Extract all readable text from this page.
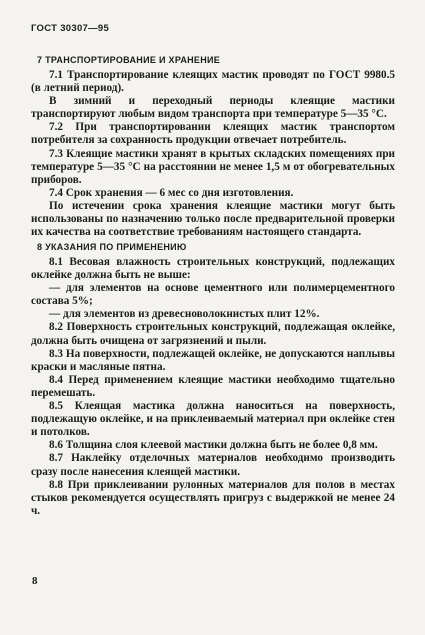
ГОСТ 30307—95
7 ТРАНСПОРТИРОВАНИЕ И ХРАНЕНИЕ

7.1 Транспортирование клеящих мастик проводят по ГОСТ 9980.5 (в летний период).

В зимний и переходный периоды клеящие мастики транспортируют любым видом транспорта при температуре 5—35 °С.

7.2 При транспортировании клеящих мастик транспортом потребителя за сохранность продукции отвечает потребитель.

7.3 Клеящие мастики хранят в крытых складских помещениях при температуре 5—35 °С на расстоянии не менее 1,5 м от обогревательных приборов.

7.4 Срок хранения — 6 мес со дня изготовления.

По истечении срока хранения клеящие мастики могут быть использованы по назначению только после предварительной проверки их качества на соответствие требованиям настоящего стандарта.

8 УКАЗАНИЯ ПО ПРИМЕНЕНИЮ

8.1 Весовая влажность строительных конструкций, подлежащих оклейке должна быть не выше:

— для элементов на основе цементного или полимерцементного состава 5%;

— для элементов из древесноволокнистых плит 12%.

8.2 Поверхность строительных конструкций, подлежащая оклейке, должна быть очищена от загрязнений и пыли.

8.3 На поверхности, подлежащей оклейке, не допускаются наплывы краски и масляные пятна.

8.4 Перед применением клеящие мастики необходимо тщательно перемешать.

8.5 Клеящая мастика должна наноситься на поверхность, подлежащую оклейке, и на приклеиваемый материал при оклейке стен и потолков.

8.6 Толщина слоя клеевой мастики должна быть не более 0,8 мм.

8.7 Наклейку отделочных материалов необходимо производить сразу после нанесения клеящей мастики.

8.8 При приклеивании рулонных материалов для полов в местах стыков рекомендуется осуществлять пригруз с выдержкой не менее 24 ч.

8
